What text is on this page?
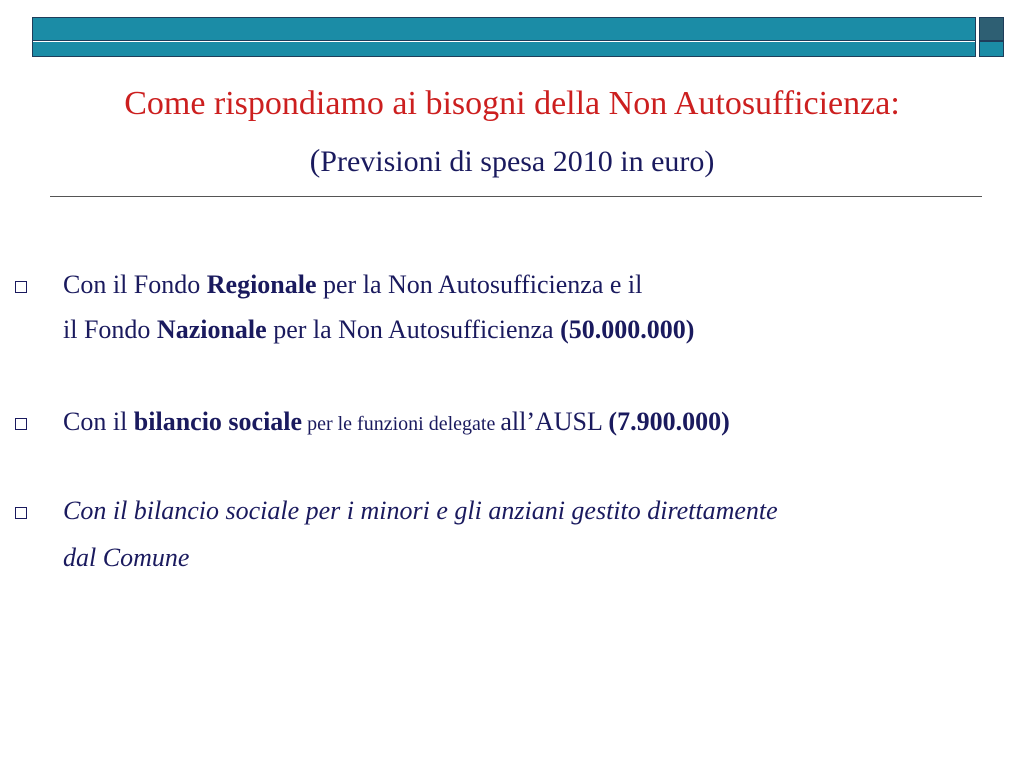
Come rispondiamo ai bisogni della Non Autosufficienza:
(Previsioni di spesa 2010 in euro)
Con il Fondo Regionale per la Non Autosufficienza e il
il Fondo Nazionale per la Non Autosufficienza (50.000.000)
Con il bilancio sociale per le funzioni delegate all’AUSL (7.900.000)
Con il bilancio sociale per i minori e gli anziani gestito direttamente
dal Comune
